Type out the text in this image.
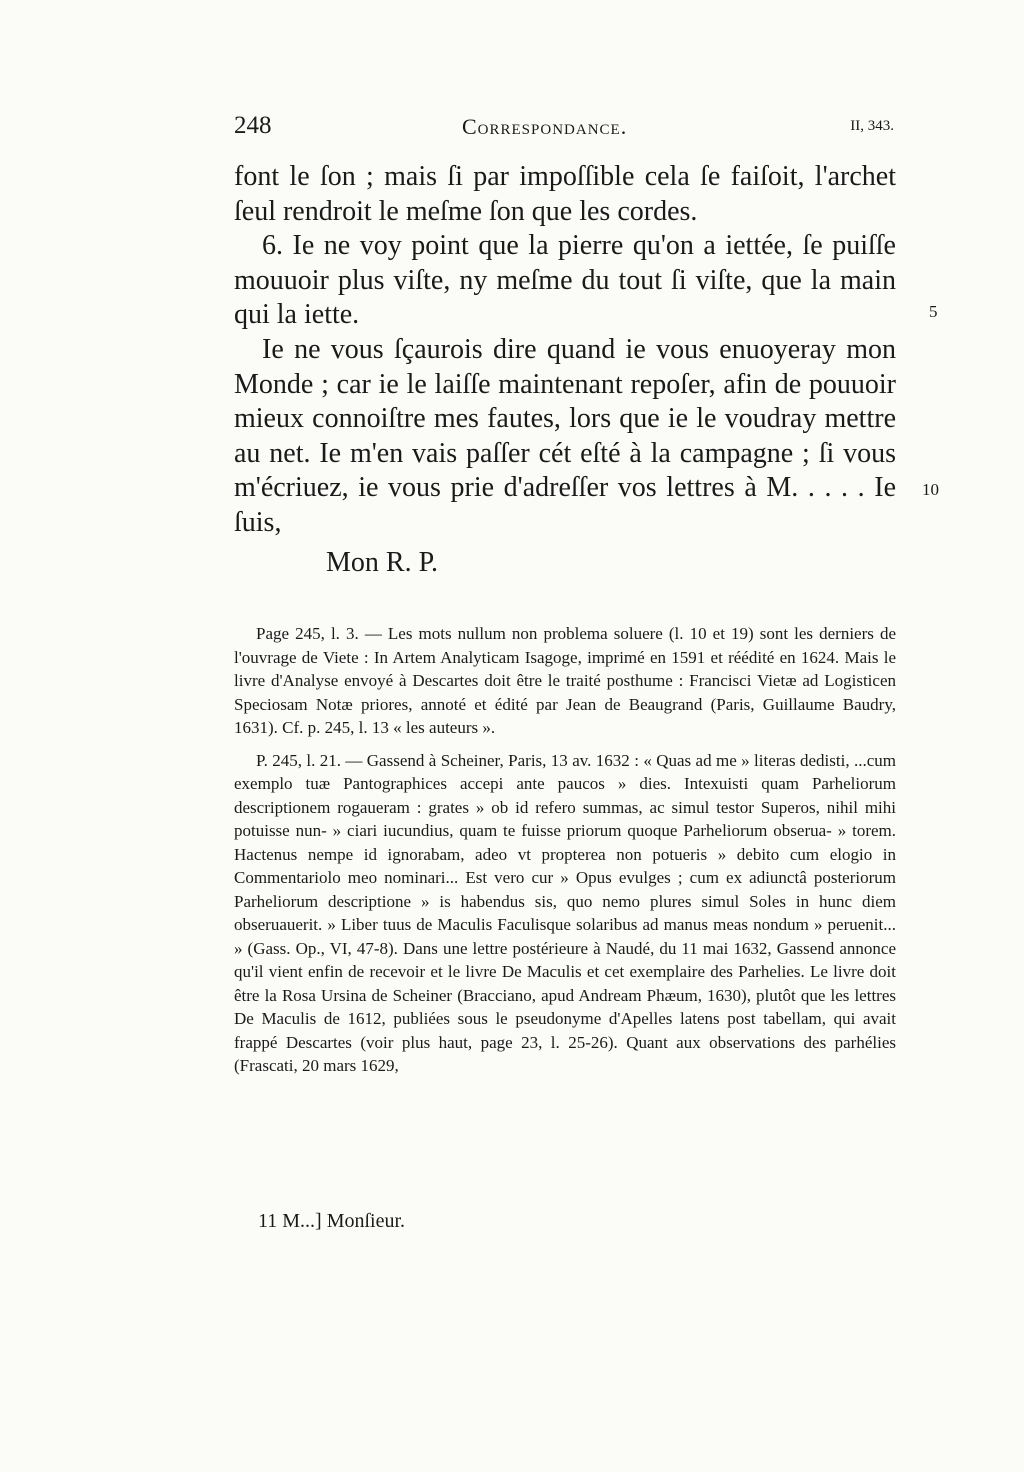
248	Correspondance.	II, 343.

font le ſon ; mais ſi par impoſſible cela ſe faiſoit, l'archet ſeul rendroit le meſme ſon que les cordes.

6. Ie ne voy point que la pierre qu'on a iettée, ſe puiſſe mouuoir plus viſte, ny meſme du tout ſi viſte, que la main qui la iette.

Ie ne vous ſçaurois dire quand ie vous enuoyeray mon Monde ; car ie le laiſſe maintenant repoſer, afin de pouuoir mieux connoiſtre mes fautes, lors que ie le voudray mettre au net. Ie m'en vais paſſer cét eſté à la campagne ; ſi vous m'écriuez, ie vous prie d'adreſſer vos lettres à M. . . . . Ie ſuis,

Mon R. P.

5
10

Page 245, l. 3. — Les mots nullum non problema soluere (l. 10 et 19) sont les derniers de l'ouvrage de Viete : In Artem Analyticam Isagoge, imprimé en 1591 et réédité en 1624. Mais le livre d'Analyse envoyé à Descartes doit être le traité posthume : Francisci Vietæ ad Logisticen Speciosam Notæ priores, annoté et édité par Jean de Beaugrand (Paris, Guillaume Baudry, 1631). Cf. p. 245, l. 13 « les auteurs ».

P. 245, l. 21. — Gassend à Scheiner, Paris, 13 av. 1632 : « Quas ad me » literas dedisti, ...cum exemplo tuæ Pantographices accepi ante paucos » dies. Intexuisti quam Parheliorum descriptionem rogaueram : grates » ob id refero summas, ac simul testor Superos, nihil mihi potuisse nun- » ciari iucundius, quam te fuisse priorum quoque Parheliorum obserua- » torem. Hactenus nempe id ignorabam, adeo vt propterea non potueris » debito cum elogio in Commentariolo meo nominari... Est vero cur » Opus evulges ; cum ex adiunctâ posteriorum Parheliorum descriptione » is habendus sis, quo nemo plures simul Soles in hunc diem obseruauerit. » Liber tuus de Maculis Faculisque solaribus ad manus meas nondum » peruenit... » (Gass. Op., VI, 47-8). Dans une lettre postérieure à Naudé, du 11 mai 1632, Gassend annonce qu'il vient enfin de recevoir et le livre De Maculis et cet exemplaire des Parhelies. Le livre doit être la Rosa Ursina de Scheiner (Bracciano, apud Andream Phæum, 1630), plutôt que les lettres De Maculis de 1612, publiées sous le pseudonyme d'Apelles latens post tabellam, qui avait frappé Descartes (voir plus haut, page 23, l. 25-26). Quant aux observations des parhélies (Frascati, 20 mars 1629,

11 M...] Monſieur.
